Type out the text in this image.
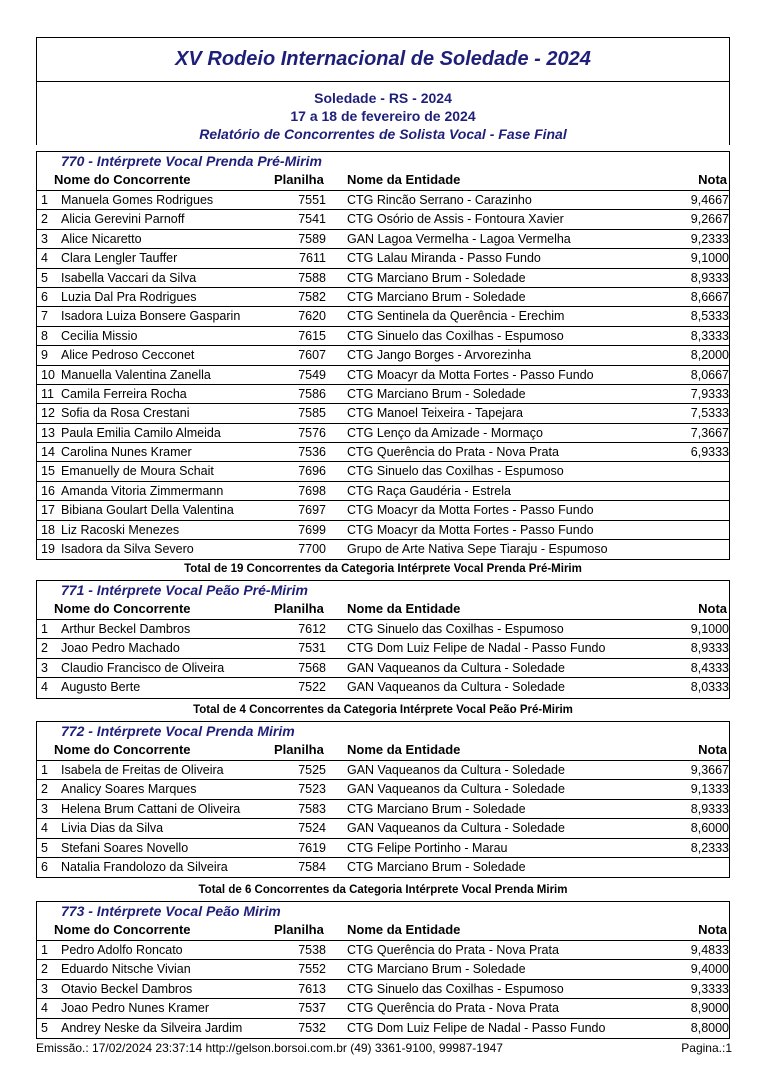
XV Rodeio Internacional de Soledade - 2024
Soledade - RS - 2024
17 a 18 de fevereiro de 2024
Relatório de Concorrentes de Solista Vocal - Fase Final
770 - Intérprete Vocal Prenda Pré-Mirim
Nome do Concorrente	Planilha Nome da Entidade	Nota
1 Manuela Gomes Rodrigues	7551 CTG Rincão Serrano - Carazinho	9,4667
2 Alicia Gerevini Parnoff	7541 CTG Osório de Assis - Fontoura Xavier	9,2667
3 Alice Nicaretto	7589 GAN Lagoa Vermelha - Lagoa Vermelha	9,2333
4 Clara Lengler Tauffer	7611 CTG Lalau Miranda - Passo Fundo	9,1000
5 Isabella Vaccari da Silva	7588 CTG Marciano Brum - Soledade	8,9333
6 Luzia Dal Pra Rodrigues	7582 CTG Marciano Brum - Soledade	8,6667
7 Isadora Luiza Bonsere Gasparin	7620 CTG Sentinela da Querência - Erechim	8,5333
8 Cecilia Missio	7615 CTG Sinuelo das Coxilhas - Espumoso	8,3333
9 Alice Pedroso Cecconet	7607 CTG Jango Borges - Arvorezinha	8,2000
10 Manuella Valentina Zanella	7549 CTG Moacyr da Motta Fortes - Passo Fundo	8,0667
11 Camila Ferreira Rocha	7586 CTG Marciano Brum - Soledade	7,9333
12 Sofia da Rosa Crestani	7585 CTG Manoel Teixeira - Tapejara	7,5333
13 Paula Emilia Camilo Almeida	7576 CTG Lenço da Amizade - Mormaço	7,3667
14 Carolina Nunes Kramer	7536 CTG Querência do Prata - Nova Prata	6,9333
15 Emanuelly de Moura Schait	7696 CTG Sinuelo das Coxilhas - Espumoso
16 Amanda Vitoria Zimmermann	7698 CTG Raça Gaudéria - Estrela
17 Bibiana Goulart Della Valentina	7697 CTG Moacyr da Motta Fortes - Passo Fundo
18 Liz Racoski Menezes	7699 CTG Moacyr da Motta Fortes - Passo Fundo
19 Isadora da Silva Severo	7700 Grupo de Arte Nativa Sepe Tiaraju - Espumoso
Total de 19 Concorrentes da Categoria Intérprete Vocal Prenda Pré-Mirim
771 - Intérprete Vocal Peão Pré-Mirim
Nome do Concorrente	Planilha Nome da Entidade	Nota
1 Arthur Beckel Dambros	7612 CTG Sinuelo das Coxilhas - Espumoso	9,1000
2 Joao Pedro Machado	7531 CTG Dom Luiz Felipe de Nadal - Passo Fundo	8,9333
3 Claudio Francisco de Oliveira	7568 GAN Vaqueanos da Cultura - Soledade	8,4333
4 Augusto Berte	7522 GAN Vaqueanos da Cultura - Soledade	8,0333
Total de 4 Concorrentes da Categoria Intérprete Vocal Peão Pré-Mirim
772 - Intérprete Vocal Prenda Mirim
Nome do Concorrente	Planilha Nome da Entidade	Nota
1 Isabela de Freitas de Oliveira	7525 GAN Vaqueanos da Cultura - Soledade	9,3667
2 Analicy Soares Marques	7523 GAN Vaqueanos da Cultura - Soledade	9,1333
3 Helena Brum Cattani de Oliveira	7583 CTG Marciano Brum - Soledade	8,9333
4 Livia Dias da Silva	7524 GAN Vaqueanos da Cultura - Soledade	8,6000
5 Stefani Soares Novello	7619 CTG Felipe Portinho - Marau	8,2333
6 Natalia Frandolozo da Silveira	7584 CTG Marciano Brum - Soledade
Total de 6 Concorrentes da Categoria Intérprete Vocal Prenda Mirim
773 - Intérprete Vocal Peão Mirim
Nome do Concorrente	Planilha Nome da Entidade	Nota
1 Pedro Adolfo Roncato	7538 CTG Querência do Prata - Nova Prata	9,4833
2 Eduardo Nitsche Vivian	7552 CTG Marciano Brum - Soledade	9,4000
3 Otavio Beckel Dambros	7613 CTG Sinuelo das Coxilhas - Espumoso	9,3333
4 Joao Pedro Nunes Kramer	7537 CTG Querência do Prata - Nova Prata	8,9000
5 Andrey Neske da Silveira Jardim	7532 CTG Dom Luiz Felipe de Nadal - Passo Fundo	8,8000
Emissão.: 17/02/2024 23:37:14 http://gelson.borsoi.com.br (49) 3361-9100, 99987-1947	Pagina.:1
